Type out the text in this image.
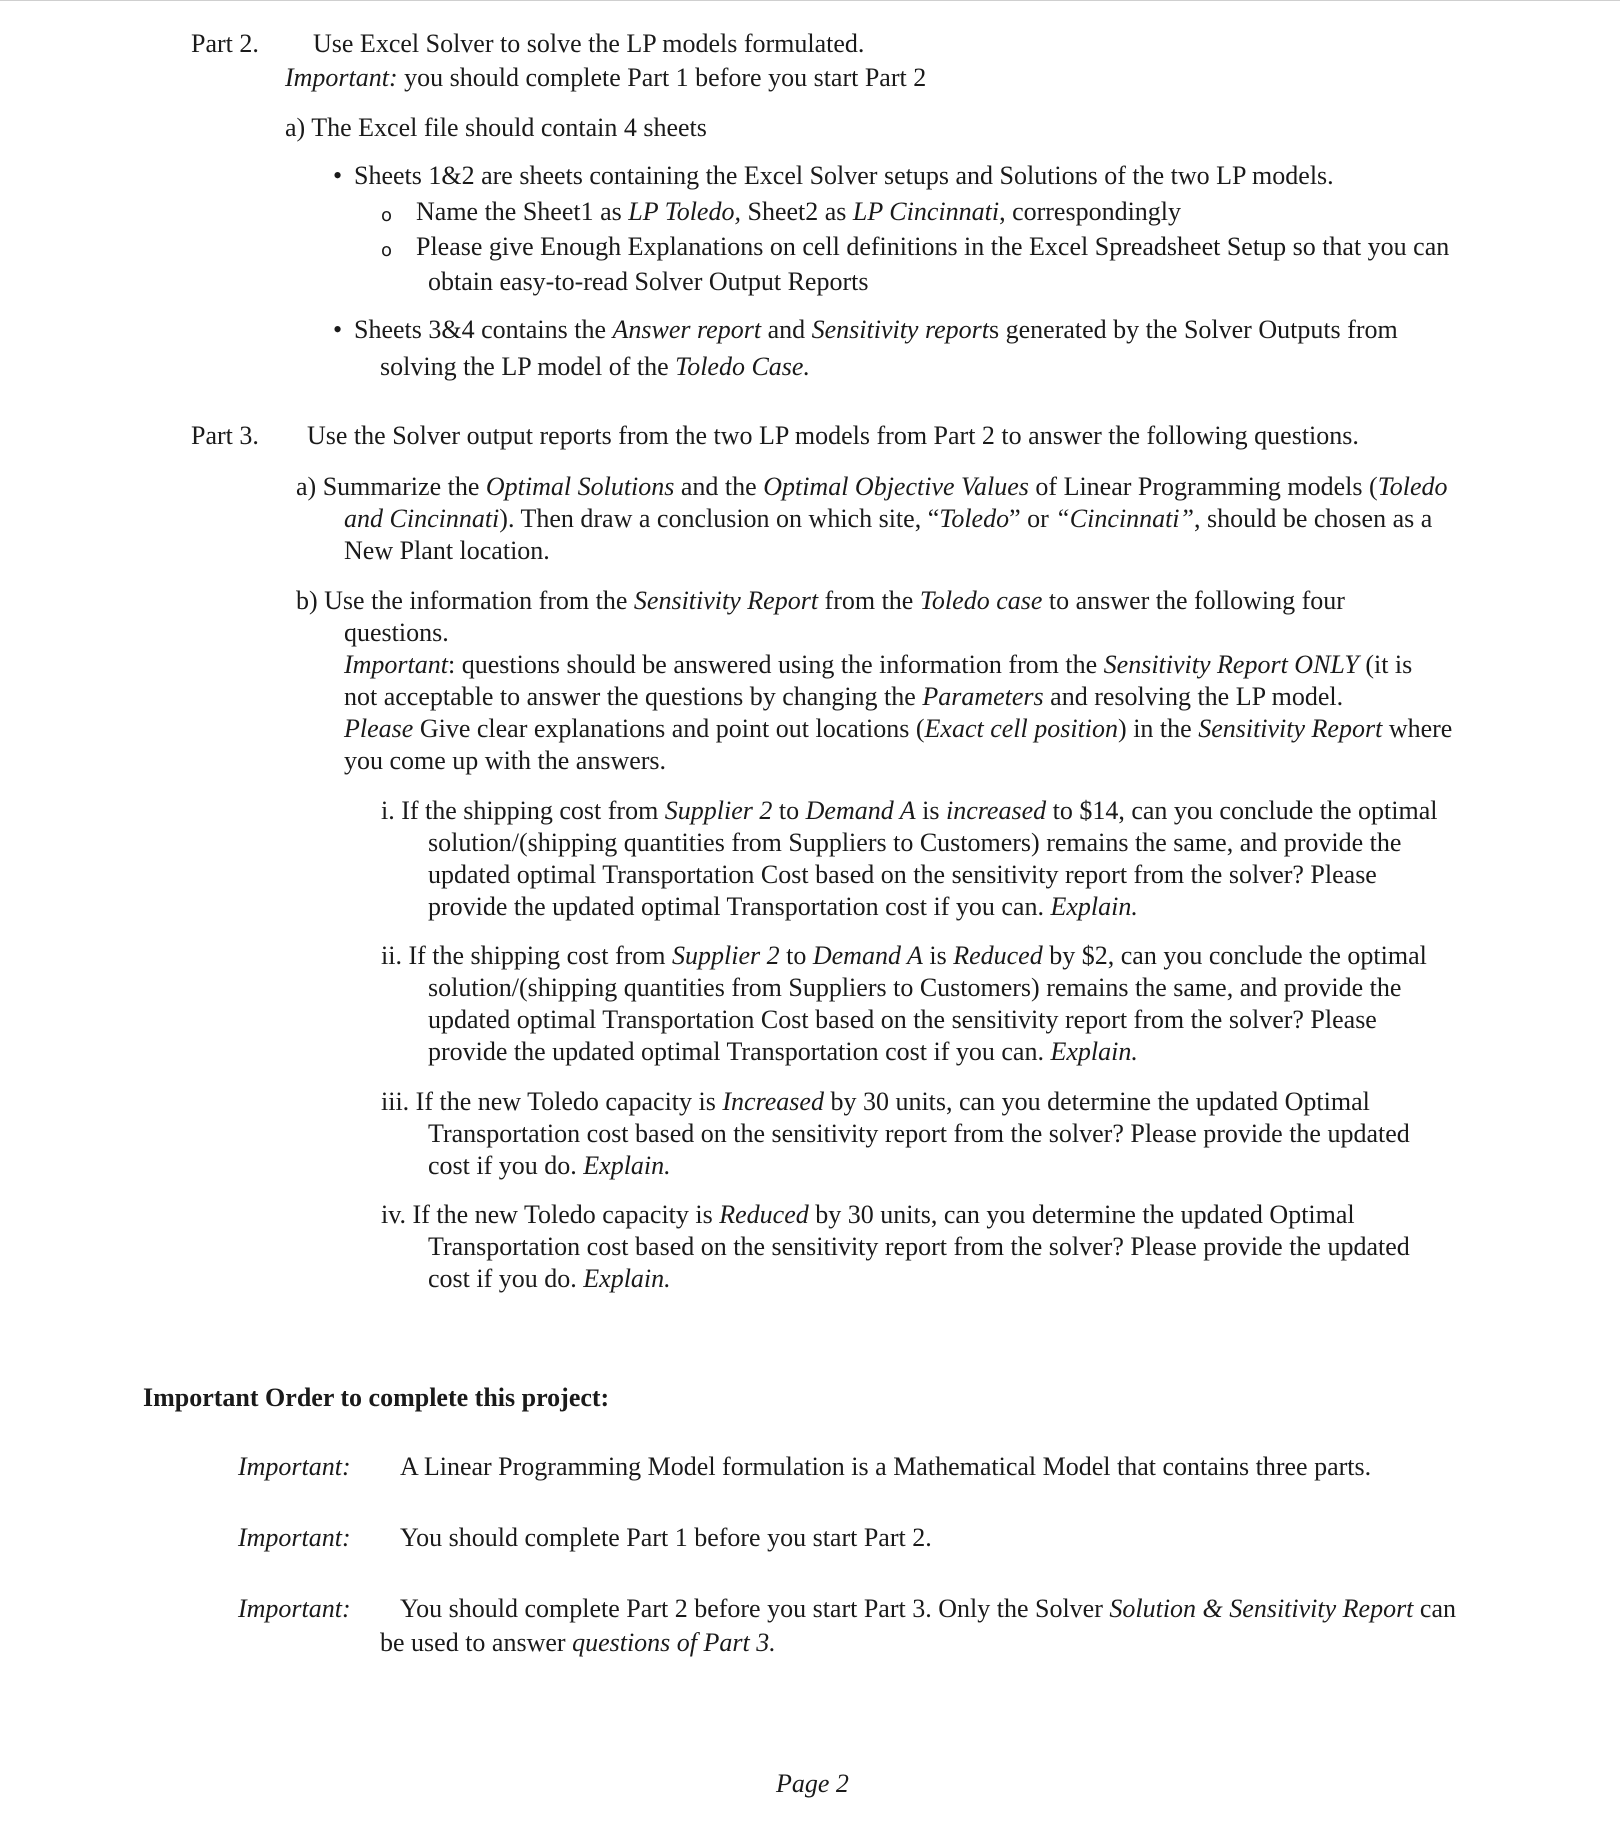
Part 2. Use Excel Solver to solve the LP models formulated.
Important: you should complete Part 1 before you start Part 2
a) The Excel file should contain 4 sheets
• Sheets 1&2 are sheets containing the Excel Solver setups and Solutions of the two LP models.
o Name the Sheet1 as LP Toledo, Sheet2 as LP Cincinnati, correspondingly
o Please give Enough Explanations on cell definitions in the Excel Spreadsheet Setup so that you can
obtain easy-to-read Solver Output Reports
• Sheets 3&4 contains the Answer report and Sensitivity reports generated by the Solver Outputs from
solving the LP model of the Toledo Case.
Part 3. Use the Solver output reports from the two LP models from Part 2 to answer the following questions.
a) Summarize the Optimal Solutions and the Optimal Objective Values of Linear Programming models (Toledo
and Cincinnati). Then draw a conclusion on which site, “Toledo” or “Cincinnati”, should be chosen as a
New Plant location.
b) Use the information from the Sensitivity Report from the Toledo case to answer the following four
questions.
Important: questions should be answered using the information from the Sensitivity Report ONLY (it is
not acceptable to answer the questions by changing the Parameters and resolving the LP model.
Please Give clear explanations and point out locations (Exact cell position) in the Sensitivity Report where
you come up with the answers.
i. If the shipping cost from Supplier 2 to Demand A is increased to $14, can you conclude the optimal
solution/(shipping quantities from Suppliers to Customers) remains the same, and provide the
updated optimal Transportation Cost based on the sensitivity report from the solver? Please
provide the updated optimal Transportation cost if you can. Explain.
ii. If the shipping cost from Supplier 2 to Demand A is Reduced by $2, can you conclude the optimal
solution/(shipping quantities from Suppliers to Customers) remains the same, and provide the
updated optimal Transportation Cost based on the sensitivity report from the solver? Please
provide the updated optimal Transportation cost if you can. Explain.
iii. If the new Toledo capacity is Increased by 30 units, can you determine the updated Optimal
Transportation cost based on the sensitivity report from the solver? Please provide the updated
cost if you do. Explain.
iv. If the new Toledo capacity is Reduced by 30 units, can you determine the updated Optimal
Transportation cost based on the sensitivity report from the solver? Please provide the updated
cost if you do. Explain.
Important Order to complete this project:
Important: A Linear Programming Model formulation is a Mathematical Model that contains three parts.
Important: You should complete Part 1 before you start Part 2.
Important: You should complete Part 2 before you start Part 3. Only the Solver Solution & Sensitivity Report can
be used to answer questions of Part 3.
Page 2
